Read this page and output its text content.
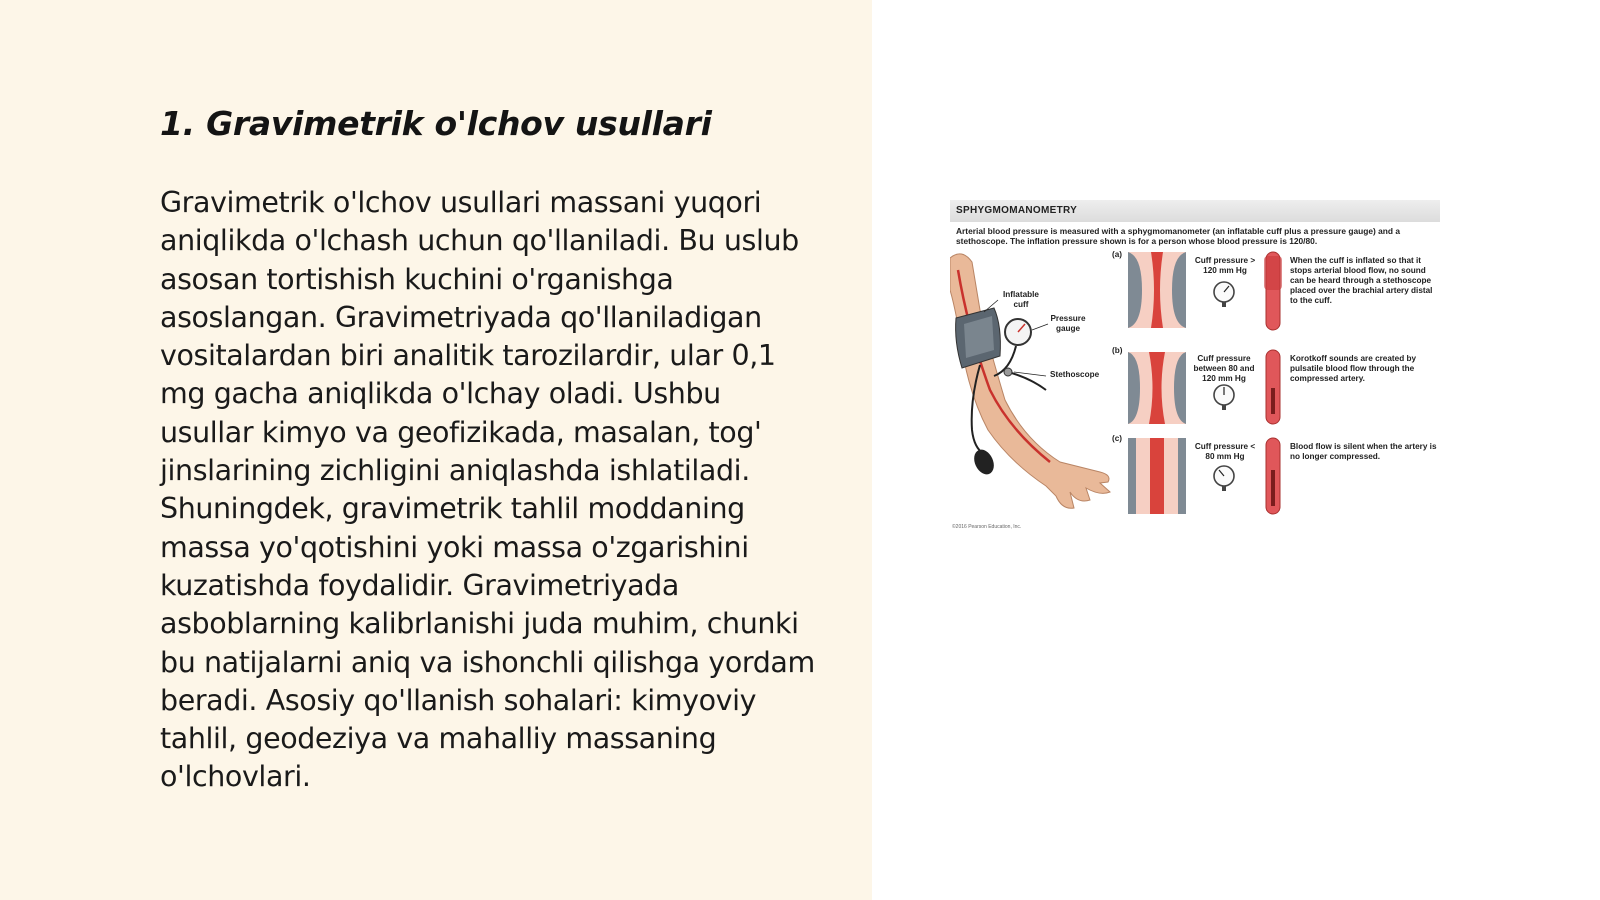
1. Gravimetrik o'lchov usullari

Gravimetrik o'lchov usullari massani yuqori aniqlikda o'lchash uchun qo'llaniladi. Bu uslub asosan tortishish kuchini o'rganishga asoslangan. Gravimetriyada qo'llaniladigan vositalardan biri analitik tarozilardir, ular 0,1 mg gacha aniqlikda o'lchay oladi. Ushbu usullar kimyo va geofizikada, masalan, tog' jinslarining zichligini aniqlashda ishlatiladi. Shuningdek, gravimetrik tahlil moddaning massa yo'qotishini yoki massa o'zgarishini kuzatishda foydalidir. Gravimetriyada asboblarning kalibrlanishi juda muhim, chunki bu natijalarni aniq va ishonchli qilishga yordam beradi. Asosiy qo'llanish sohalari: kimyoviy tahlil, geodeziya va mahalliy massaning o'lchovlari.

SPHYGMOMANOMETRY
Arterial blood pressure is measured with a sphygmomanometer (an inflatable cuff plus a pressure gauge) and a stethoscope. The inflation pressure shown is for a person whose blood pressure is 120/80.
Inflatable cuff
Pressure gauge
Stethoscope
(a)
(b)
(c)
Cuff pressure > 120 mm Hg
Cuff pressure between 80 and 120 mm Hg
Cuff pressure < 80 mm Hg
When the cuff is inflated so that it stops arterial blood flow, no sound can be heard through a stethoscope placed over the brachial artery distal to the cuff.
Korotkoff sounds are created by pulsatile blood flow through the compressed artery.
Blood flow is silent when the artery is no longer compressed.
©2016 Pearson Education, Inc.
